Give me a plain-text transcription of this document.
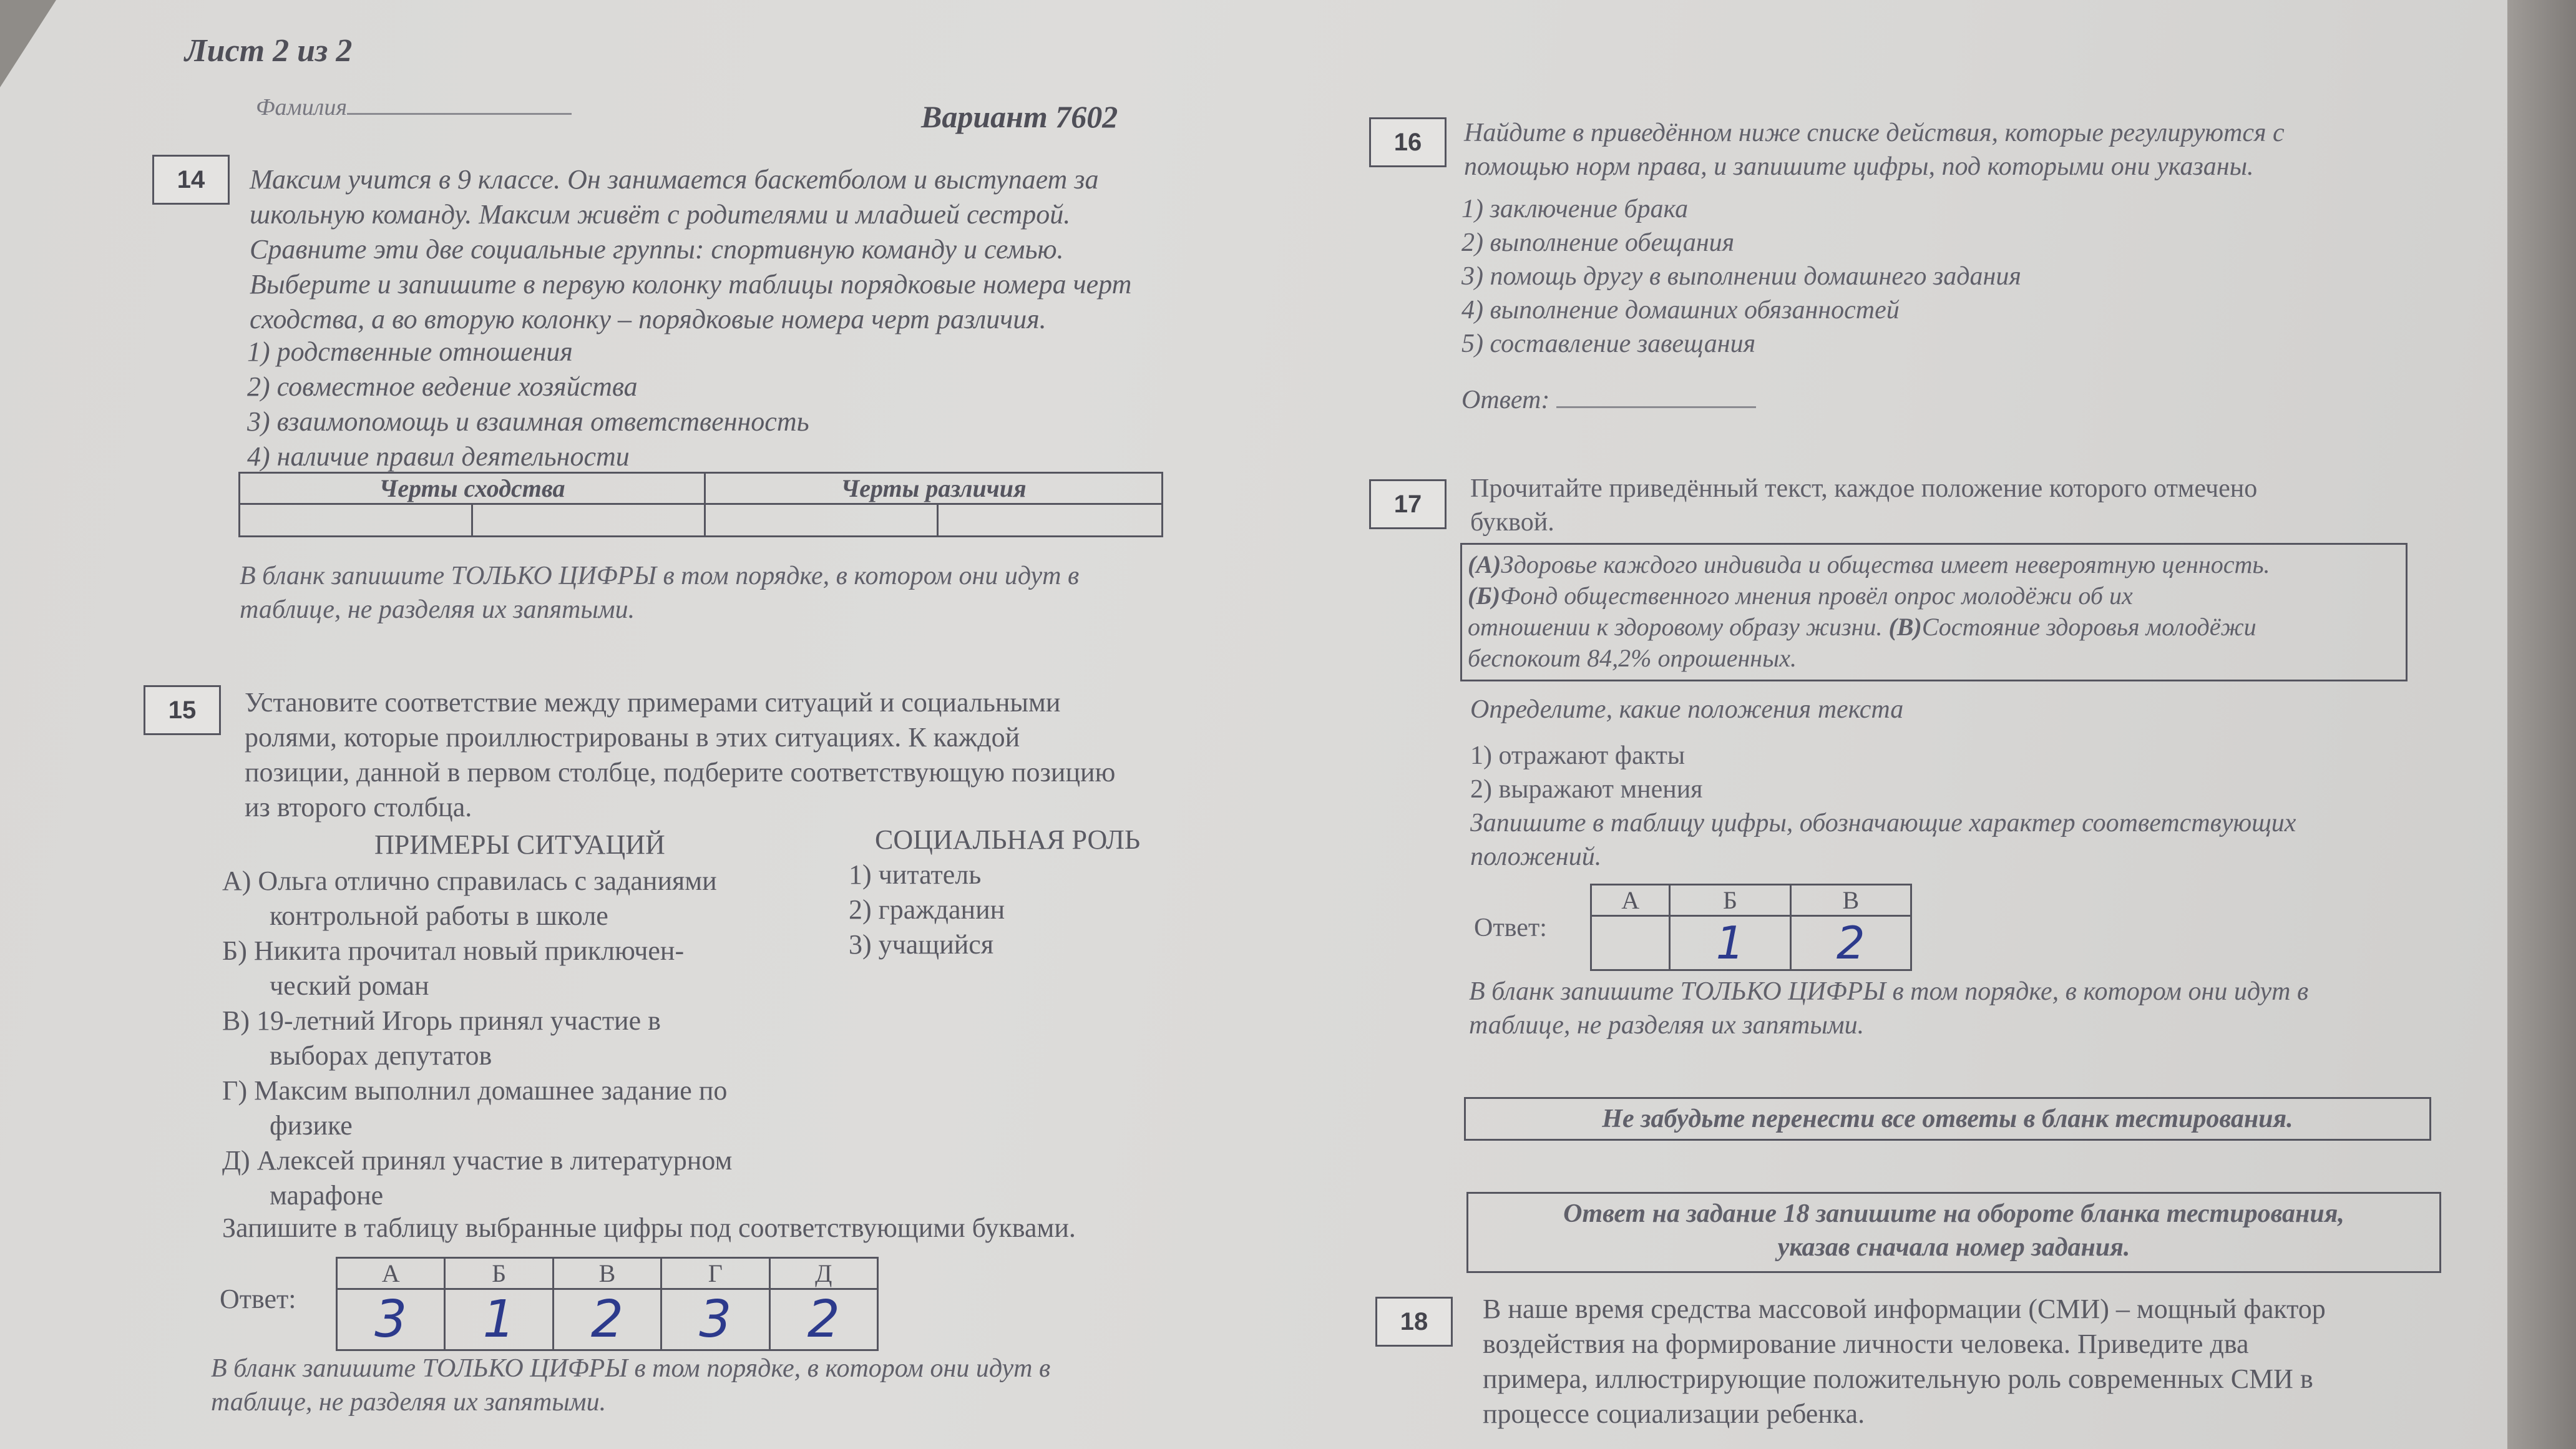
Лист 2 из 2
Фамилия	Вариант 7602
14	Максим учится в 9 классе. Он занимается баскетболом и выступает за
школьную команду. Максим живёт с родителями и младшей сестрой.
Сравните эти две социальные группы: спортивную команду и семью.
Выберите и запишите в первую колонку таблицы порядковые номера черт
сходства, а во вторую колонку – порядковые номера черт различия.
1) родственные отношения
2) совместное ведение хозяйства
3) взаимопомощь и взаимная ответственность
4) наличие правил деятельности
Черты сходства		Черты различия	

В бланк запишите ТОЛЬКО ЦИФРЫ в том порядке, в котором они идут в
таблице, не разделяя их запятыми.
15	Установите соответствие между примерами ситуаций и социальными
ролями, которые проиллюстрированы в этих ситуациях. К каждой
позиции, данной в первом столбце, подберите соответствующую позицию
из второго столбца.
ПРИМЕРЫ СИТУАЦИЙ	СОЦИАЛЬНАЯ РОЛЬ
А) Ольга отлично справилась с заданиями
контрольной работы в школе
Б) Никита прочитал новый приключен-
ческий роман
В) 19-летний Игорь принял участие в
выборах депутатов
Г) Максим выполнил домашнее задание по
физике
Д) Алексей принял участие в литературном
марафоне
1) читатель
2) гражданин
3) учащийся
Запишите в таблицу выбранные цифры под соответствующими буквами.
Ответ:
А	Б	В	Г	Д
3	1	2	3	2
В бланк запишите ТОЛЬКО ЦИФРЫ в том порядке, в котором они идут в
таблице, не разделяя их запятыми.
16	Найдите в приведённом ниже списке действия, которые регулируются с
помощью норм права, и запишите цифры, под которыми они указаны.
1) заключение брака
2) выполнение обещания
3) помощь другу в выполнении домашнего задания
4) выполнение домашних обязанностей
5) составление завещания
Ответ:
17
Прочитайте приведённый текст, каждое положение которого отмечено
буквой.
(А)Здоровье каждого индивида и общества имеет невероятную ценность.
(Б)Фонд общественного мнения провёл опрос молодёжи об их
отношении к здоровому образу жизни. (В)Состояние здоровья молодёжи
беспокоит 84,2% опрошенных.
Определите, какие положения текста
1) отражают факты
2) выражают мнения
Запишите в таблицу цифры, обозначающие характер соответствующих
положений.
Ответ:
А	Б	В
	1	2
В бланк запишите ТОЛЬКО ЦИФРЫ в том порядке, в котором они идут в
таблице, не разделяя их запятыми.
Не забудьте перенести все ответы в бланк тестирования.
Ответ на задание 18 запишите на обороте бланка тестирования,
указав сначала номер задания.
18	В наше время средства массовой информации (СМИ) – мощный фактор
воздействия на формирование личности человека. Приведите два
примера, иллюстрирующие положительную роль современных СМИ в
процессе социализации ребенка.
